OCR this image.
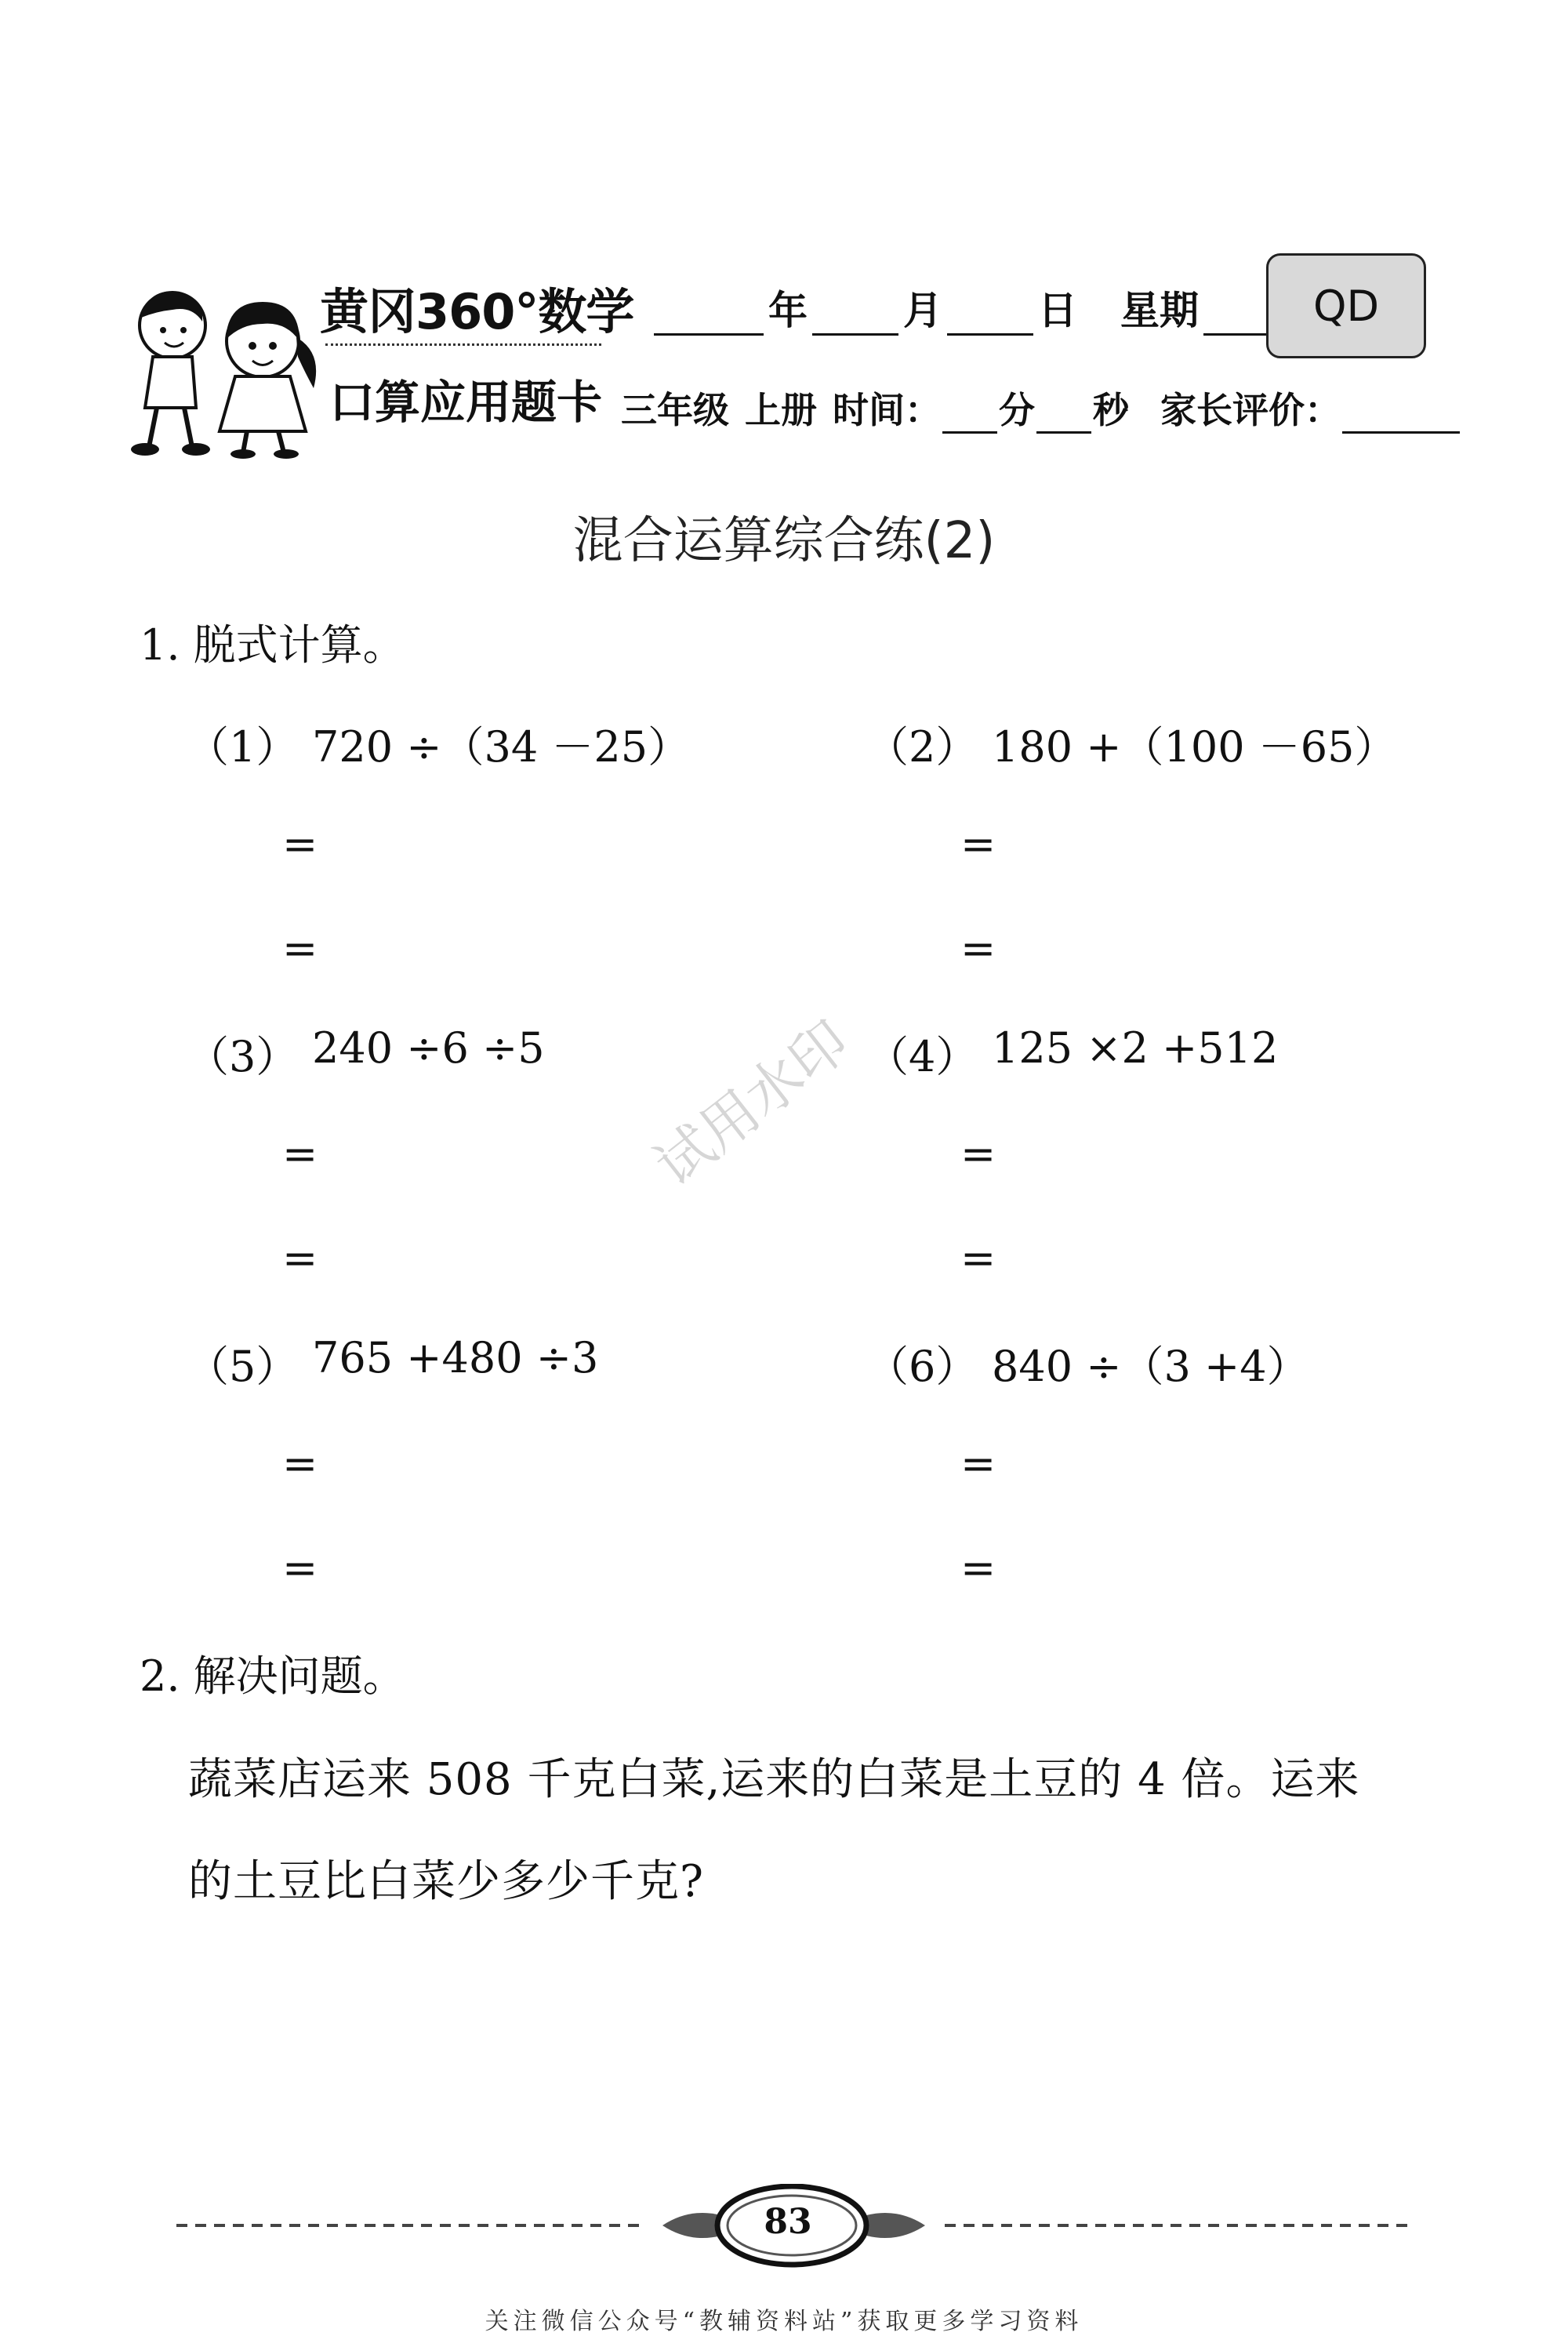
黄冈360°数学
口算应用题卡
年 月 日 星期	QD
三年级 上册 时间： 分 秒 家长评价：
混合运算综合练(2)
1. 脱式计算。
（1） 720 ÷（34 －25）
=
=
（2） 180 +（100 －65）
=
=
（3） 240 ÷6 ÷5
=
=
（4） 125 ×2 +512
=
=
（5） 765 +480 ÷3
=
=
（6） 840 ÷（3 +4）
=
=
试用水印
2. 解决问题。
蔬菜店运来 508 千克白菜,运来的白菜是土豆的 4 倍。运来
的土豆比白菜少多少千克?
83
关注微信公众号“教辅资料站”获取更多学习资料
